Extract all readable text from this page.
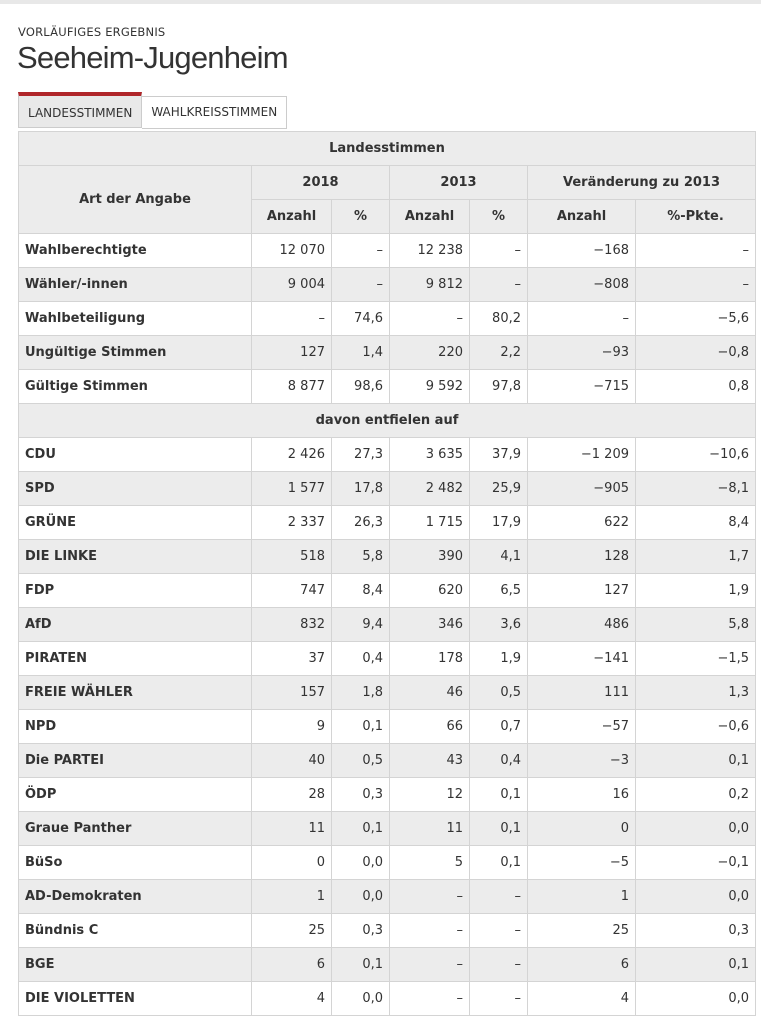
VORLÄUFIGES ERGEBNIS
Seeheim-Jugenheim
LANDESSTIMMEN	WAHLKREISSTIMMEN
Landesstimmen						
Art der Angabe	2018		2013		Veränderung zu 2013	
	Anzahl	%	Anzahl	%	Anzahl	%-Pkte.
Wahlberechtigte	12 070	–	12 238	–	−168	–
Wähler/-innen	9 004	–	9 812	–	−808	–
Wahlbeteiligung	–	74,6	–	80,2	–	−5,6
Ungültige Stimmen	127	1,4	220	2,2	−93	−0,8
Gültige Stimmen	8 877	98,6	9 592	97,8	−715	0,8
davon entfielen auf						
CDU	2 426	27,3	3 635	37,9	−1 209	−10,6
SPD	1 577	17,8	2 482	25,9	−905	−8,1
GRÜNE	2 337	26,3	1 715	17,9	622	8,4
DIE LINKE	518	5,8	390	4,1	128	1,7
FDP	747	8,4	620	6,5	127	1,9
AfD	832	9,4	346	3,6	486	5,8
PIRATEN	37	0,4	178	1,9	−141	−1,5
FREIE WÄHLER	157	1,8	46	0,5	111	1,3
NPD	9	0,1	66	0,7	−57	−0,6
Die PARTEI	40	0,5	43	0,4	−3	0,1
ÖDP	28	0,3	12	0,1	16	0,2
Graue Panther	11	0,1	11	0,1	0	0,0
BüSo	0	0,0	5	0,1	−5	−0,1
AD-Demokraten	1	0,0	–	–	1	0,0
Bündnis C	25	0,3	–	–	25	0,3
BGE	6	0,1	–	–	6	0,1
DIE VIOLETTEN	4	0,0	–	–	4	0,0
